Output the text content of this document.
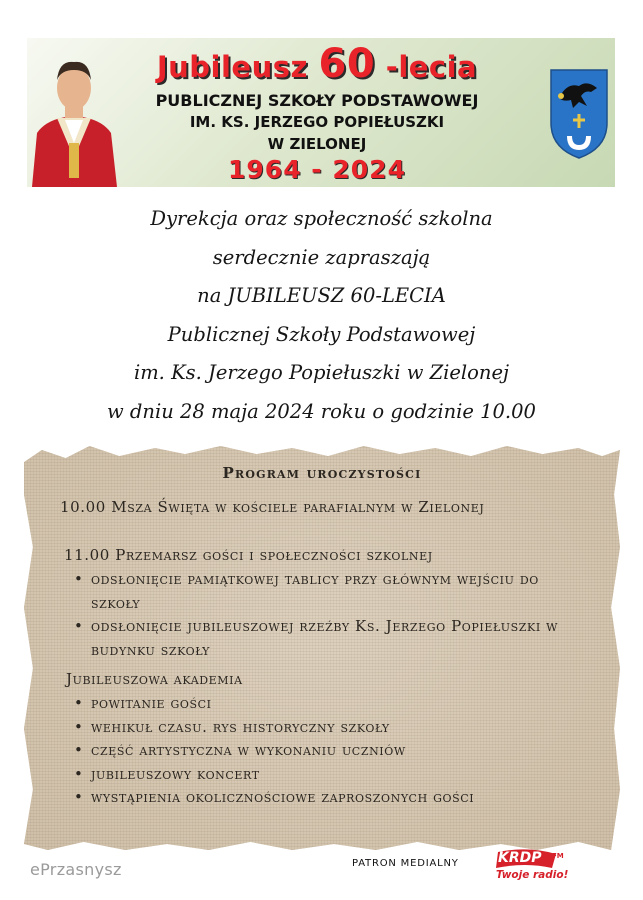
Jubileusz 60 -lecia
PUBLICZNEJ SZKOŁY PODSTAWOWEJ
IM. KS. JERZEGO POPIEŁUSZKI
W ZIELONEJ
1964 - 2024
Dyrekcja oraz społeczność szkolna
serdecznie zapraszają
na JUBILEUSZ 60-LECIA
Publicznej Szkoły Podstawowej
im. Ks. Jerzego Popiełuszki w Zielonej
w dniu 28 maja 2024 roku o godzinie 10.00
Program uroczystości
10.00 Msza Święta w kościele parafialnym w Zielonej
11.00 Przemarsz gości i społeczności szkolnej
• odsłonięcie pamiątkowej tablicy przy głównym wejściu do szkoły
• odsłonięcie jubileuszowej rzeźby Ks. Jerzego Popiełuszki w budynku szkoły
Jubileuszowa akademia
• powitanie gości
• wehikuł czasu. rys historyczny szkoły
• część artystyczna w wykonaniu uczniów
• jubileuszowy koncert
• wystąpienia okolicznościowe zaproszonych gości
ePrzasnysz	PATRON MEDIALNY	KRDP FM
Twoje radio!
